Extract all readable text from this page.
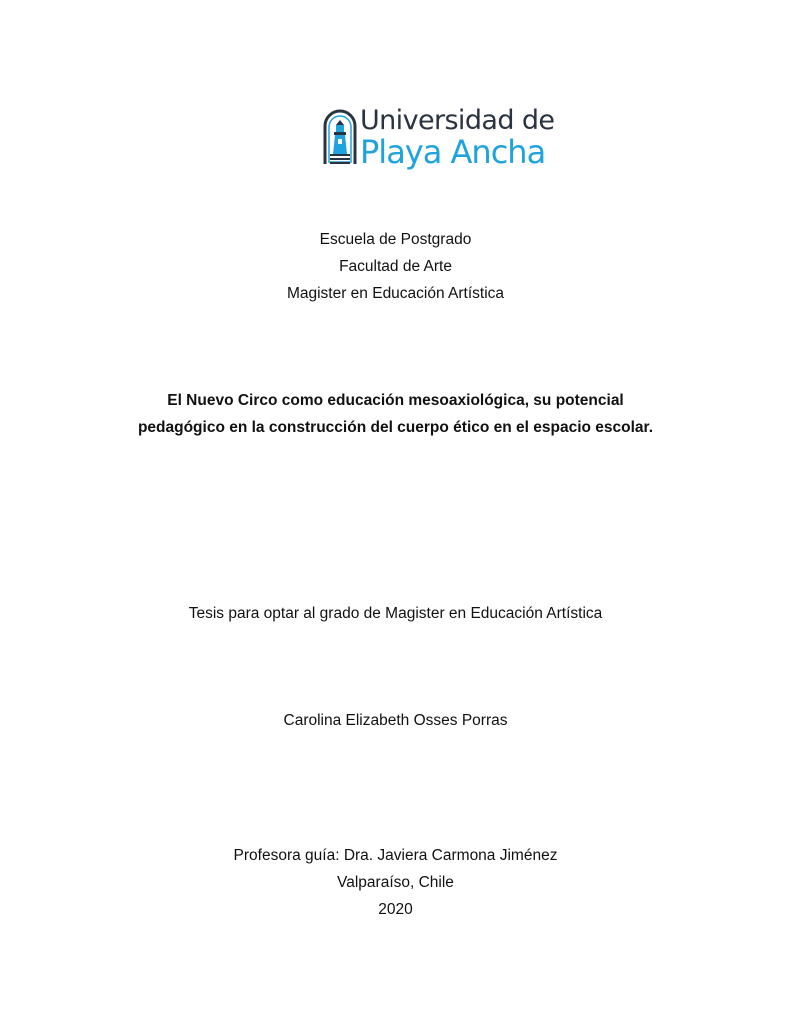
Universidad de
Playa Ancha
Escuela de Postgrado
Facultad de Arte
Magister en Educación Artística
El Nuevo Circo como educación mesoaxiológica, su potencial
pedagógico en la construcción del cuerpo ético en el espacio escolar.
Tesis para optar al grado de Magister en Educación Artística
Carolina Elizabeth Osses Porras
Profesora guía: Dra. Javiera Carmona Jiménez
Valparaíso, Chile
2020
